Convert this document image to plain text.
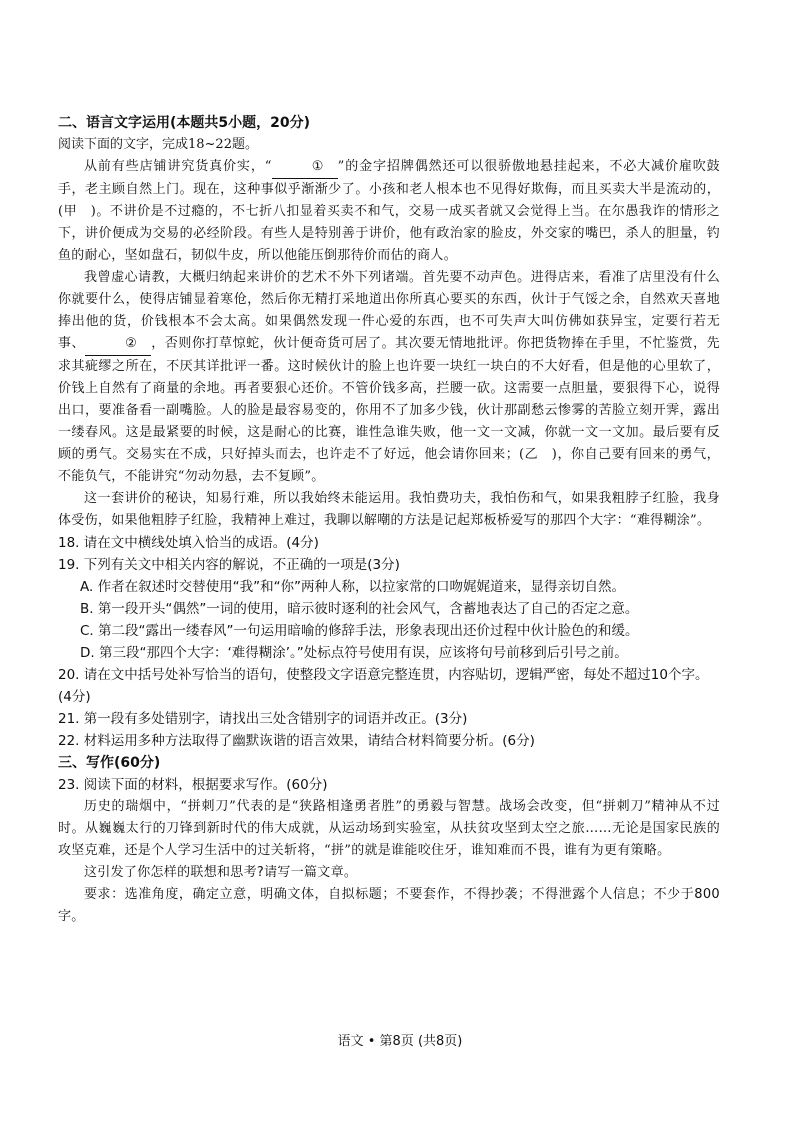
二、语言文字运用(本题共5小题，20分)
阅读下面的文字，完成18~22题。
从前有些店铺讲究货真价实，“	① ”的金字招牌偶然还可以很骄傲地悬挂起来，不必大减价雇吹鼓手，老主顾自然上门。现在，这种事似乎渐渐少了。小孩和老人根本也不见得好欺侮，而且买卖大半是流动的，(甲　)。不讲价是不过瘾的，不七折八扣显着买卖不和气，交易一成买者就又会觉得上当。在尔愚我诈的情形之下，讲价便成为交易的必经阶段。有些人是特别善于讲价，他有政治家的脸皮，外交家的嘴巴，杀人的胆量，钓鱼的耐心，坚如盘石，韧似牛皮，所以他能压倒那待价而估的商人。
我曾虚心请教，大概归纳起来讲价的艺术不外下列诸端。首先要不动声色。进得店来，看准了店里没有什么你就要什么，使得店铺显着寒伧，然后你无精打采地道出你所真心要买的东西，伙计于气馁之余，自然欢天喜地捧出他的货，价钱根本不会太高。如果偶然发现一件心爱的东西，也不可失声大叫仿佛如获异宝，定要行若无事、	② ，否则你打草惊蛇，伙计便奇货可居了。其次要无情地批评。你把货物捧在手里，不忙鉴赏，先求其疵缪之所在，不厌其详批评一番。这时候伙计的脸上也许要一块红一块白的不大好看，但是他的心里软了，价钱上自然有了商量的余地。再者要狠心还价。不管价钱多高，拦腰一砍。这需要一点胆量，要狠得下心，说得出口，要准备看一副嘴脸。人的脸是最容易变的，你用不了加多少钱，伙计那副愁云惨雾的苦脸立刻开霁，露出一缕春风。这是最紧要的时候，这是耐心的比赛，谁性急谁失败，他一文一文减，你就一文一文加。最后要有反顾的勇气。交易实在不成，只好掉头而去，也许走不了好远，他会请你回来；(乙　)，你自己要有回来的勇气，不能负气，不能讲究“勿动勿悬，去不复顾”。
这一套讲价的秘诀，知易行难，所以我始终未能运用。我怕费功夫，我怕伤和气，如果我粗脖子红脸，我身体受伤，如果他粗脖子红脸，我精神上难过，我聊以解嘲的方法是记起郑板桥爱写的那四个大字：“难得糊涂”。
18. 请在文中横线处填入恰当的成语。(4分)
19. 下列有关文中相关内容的解说，不正确的一项是(3分)
A. 作者在叙述时交替使用“我”和“你”两种人称，以拉家常的口吻娓娓道来，显得亲切自然。
B. 第一段开头“偶然”一词的使用，暗示彼时逐利的社会风气，含蓄地表达了自己的否定之意。
C. 第二段“露出一缕春风”一句运用暗喻的修辞手法，形象表现出还价过程中伙计脸色的和缓。
D. 第三段“那四个大字：‘难得糊涂’。”处标点符号使用有误，应该将句号前移到后引号之前。
20. 请在文中括号处补写恰当的语句，使整段文字语意完整连贯，内容贴切，逻辑严密，每处不超过10个字。(4分)
21. 第一段有多处错别字，请找出三处含错别字的词语并改正。(3分)
22. 材料运用多种方法取得了幽默诙谐的语言效果，请结合材料简要分析。(6分)
三、写作(60分)
23. 阅读下面的材料，根据要求写作。(60分)
历史的瑞烟中，“拼刺刀”代表的是“狭路相逢勇者胜”的勇毅与智慧。战场会改变，但“拼刺刀”精神从不过时。从巍巍太行的刀锋到新时代的伟大成就，从运动场到实验室，从扶贫攻坚到太空之旅……无论是国家民族的攻坚克难，还是个人学习生活中的过关斩将，“拼”的就是谁能咬住牙，谁知难而不畏，谁有为更有策略。
这引发了你怎样的联想和思考?请写一篇文章。
要求：选准角度，确定立意，明确文体，自拟标题；不要套作，不得抄袭；不得泄露个人信息；不少于800字。
语文 • 第8页 (共8页)
